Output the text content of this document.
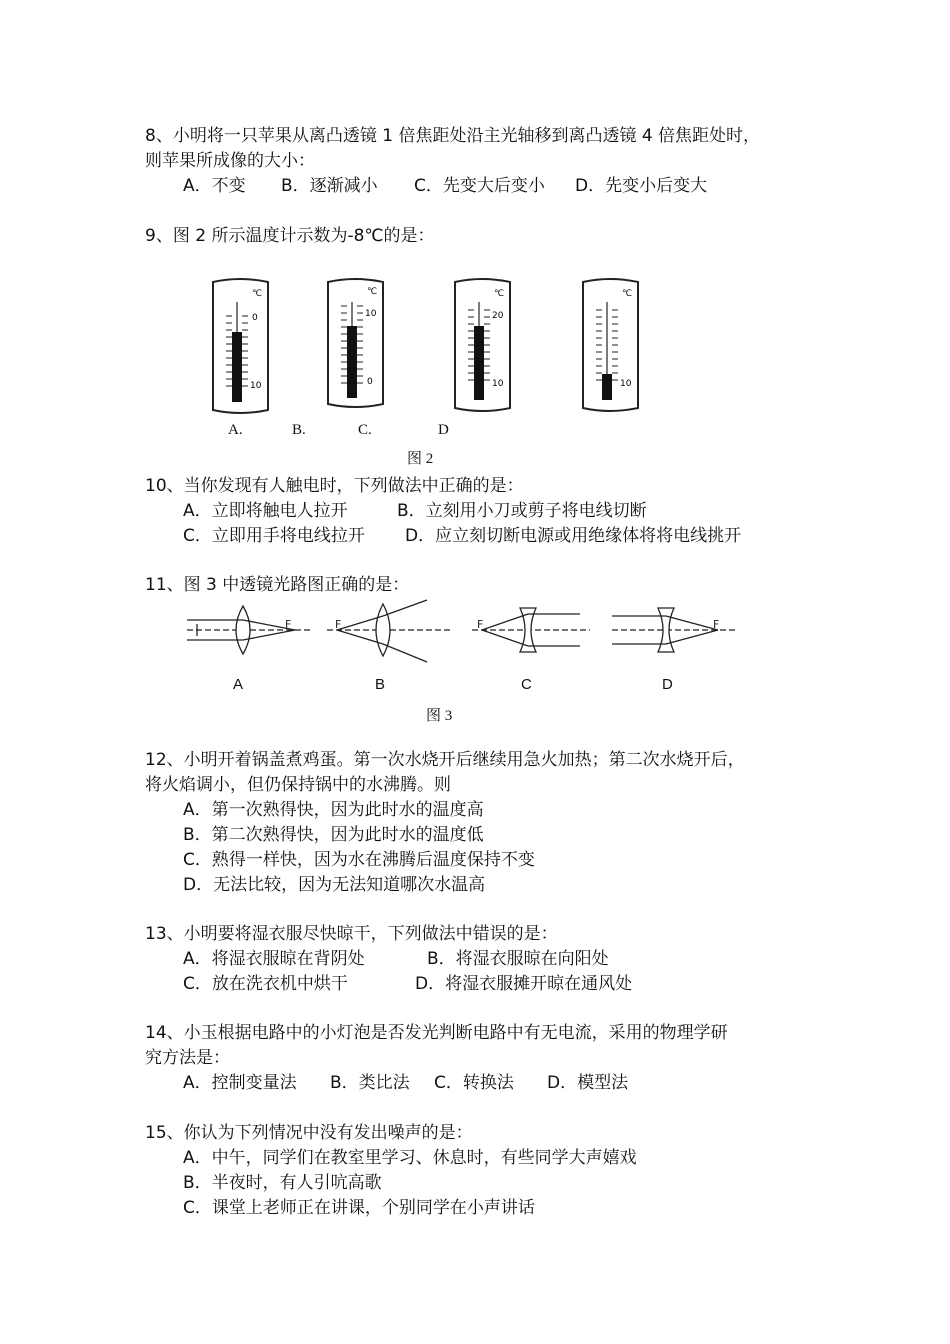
8、小明将一只苹果从离凸透镜 1 倍焦距处沿主光轴移到离凸透镜 4 倍焦距处时，
则苹果所成像的大小：
A．不变 B．逐渐减小 C．先变大后变小 D．先变小后变大
9、图 2 所示温度计示数为-8℃的是：
℃
0
10
℃
10
0
℃
20
10
℃
10
A.	B.	C.	D
图 2
10、当你发现有人触电时，下列做法中正确的是：
A．立即将触电人拉开	B．立刻用小刀或剪子将电线切断
C．立即用手将电线拉开 D．应立刻切断电源或用绝缘体将将电线挑开
11、图 3 中透镜光路图正确的是：
F	F	F	F
A	B	C	D
图 3
12、小明开着锅盖煮鸡蛋。第一次水烧开后继续用急火加热；第二次水烧开后，
将火焰调小，但仍保持锅中的水沸腾。则
A．第一次熟得快，因为此时水的温度高
B．第二次熟得快，因为此时水的温度低
C．熟得一样快，因为水在沸腾后温度保持不变
D．无法比较，因为无法知道哪次水温高
13、小明要将湿衣服尽快晾干，下列做法中错误的是：
A．将湿衣服晾在背阴处	B．将湿衣服晾在向阳处
C．放在洗衣机中烘干	D．将湿衣服摊开晾在通风处
14、小玉根据电路中的小灯泡是否发光判断电路中有无电流，采用的物理学研
究方法是：
A．控制变量法 B．类比法 C．转换法 D．模型法
15、你认为下列情况中没有发出噪声的是：
A．中午，同学们在教室里学习、休息时，有些同学大声嬉戏
B．半夜时，有人引吭高歌
C．课堂上老师正在讲课，个别同学在小声讲话
